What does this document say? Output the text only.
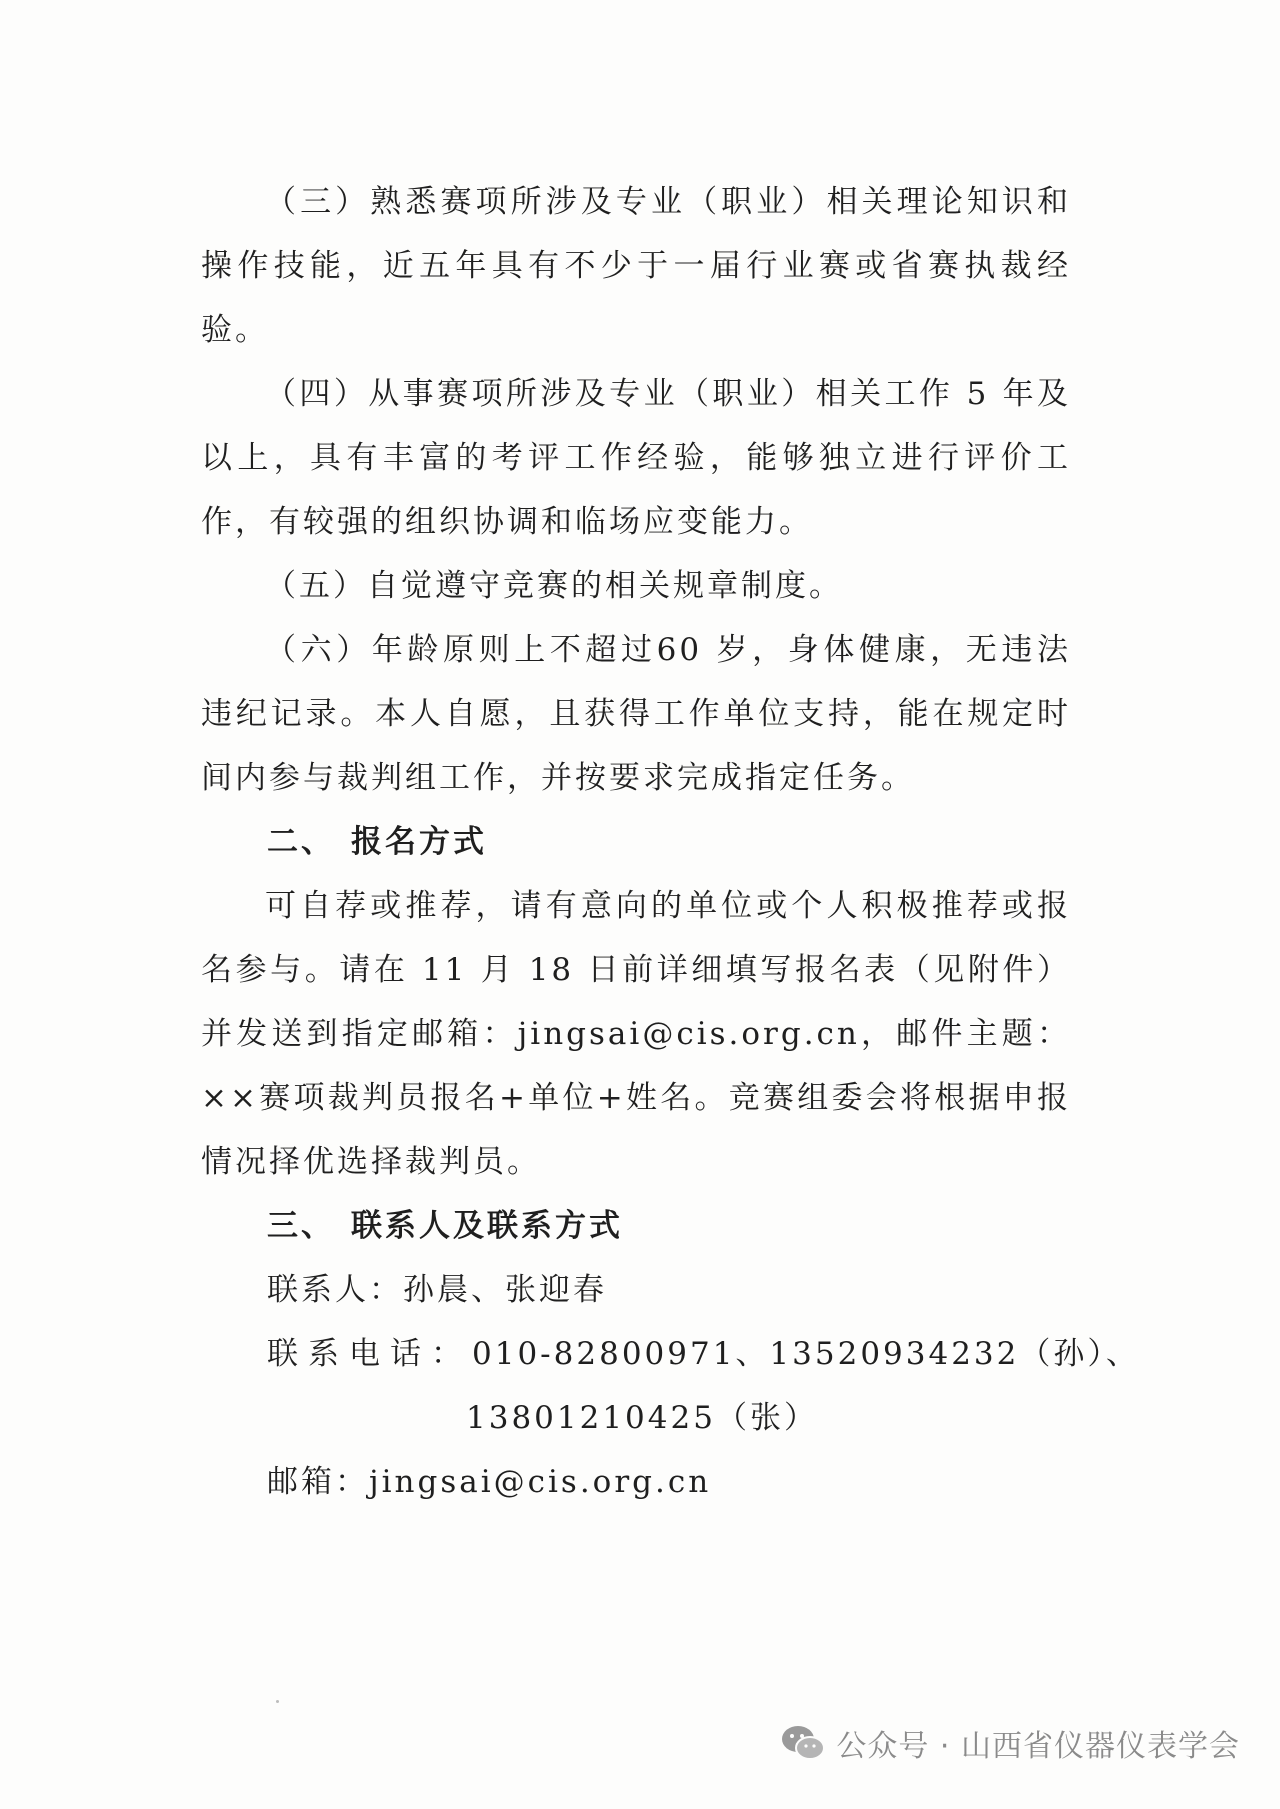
（三）熟悉赛项所涉及专业（职业）相关理论知识和操作技能，近五年具有不少于一届行业赛或省赛执裁经验。

（四）从事赛项所涉及专业（职业）相关工作 5 年及以上，具有丰富的考评工作经验，能够独立进行评价工作，有较强的组织协调和临场应变能力。

（五）自觉遵守竞赛的相关规章制度。

（六）年龄原则上不超过60 岁，身体健康，无违法违纪记录。本人自愿，且获得工作单位支持，能在规定时间内参与裁判组工作，并按要求完成指定任务。

二、 报名方式

可自荐或推荐，请有意向的单位或个人积极推荐或报名参与。请在 11 月 18 日前详细填写报名表（见附件）并发送到指定邮箱：jingsai@cis.org.cn，邮件主题：××赛项裁判员报名+单位+姓名。竞赛组委会将根据申报情况择优选择裁判员。

三、 联系人及联系方式

联系人：孙晨、张迎春

联系电话：010-82800971、13520934232（孙）、

13801210425（张）

邮箱：jingsai@cis.org.cn

公众号 · 山西省仪器仪表学会
